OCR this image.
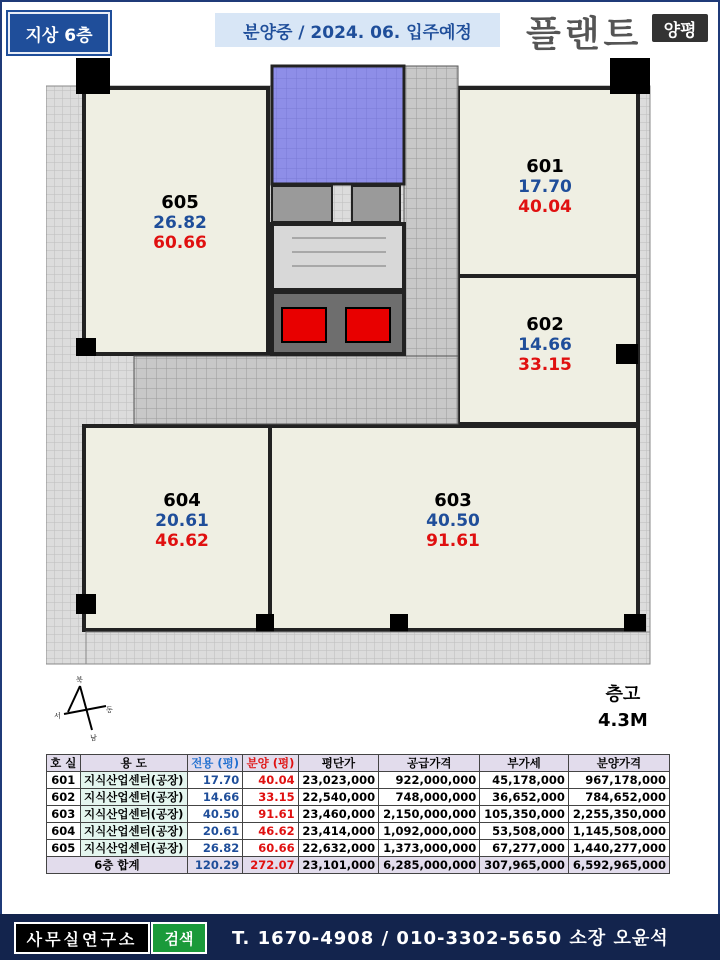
지상 6층	분양중 / 2024. 06. 입주예정	플랜트	양평
605
26.82
60.66
601
17.70
40.04
602
14.66
33.15
604
20.61
46.62
603
40.50
91.61
북
동
서
남
층고
4.3M
호 실	용 도	전용 (평)	분양 (평)	평단가	공급가격	부가세	분양가격
601	지식산업센터(공장)	17.70	40.04	23,023,000	922,000,000	45,178,000	967,178,000
602	지식산업센터(공장)	14.66	33.15	22,540,000	748,000,000	36,652,000	784,652,000
603	지식산업센터(공장)	40.50	91.61	23,460,000	2,150,000,000	105,350,000	2,255,350,000
604	지식산업센터(공장)	20.61	46.62	23,414,000	1,092,000,000	53,508,000	1,145,508,000
605	지식산업센터(공장)	26.82	60.66	22,632,000	1,373,000,000	67,277,000	1,440,277,000
6층 합계		120.29	272.07	23,101,000	6,285,000,000	307,965,000	6,592,965,000
사무실연구소	검색	T. 1670-4908 / 010-3302-5650 소장 오윤석
